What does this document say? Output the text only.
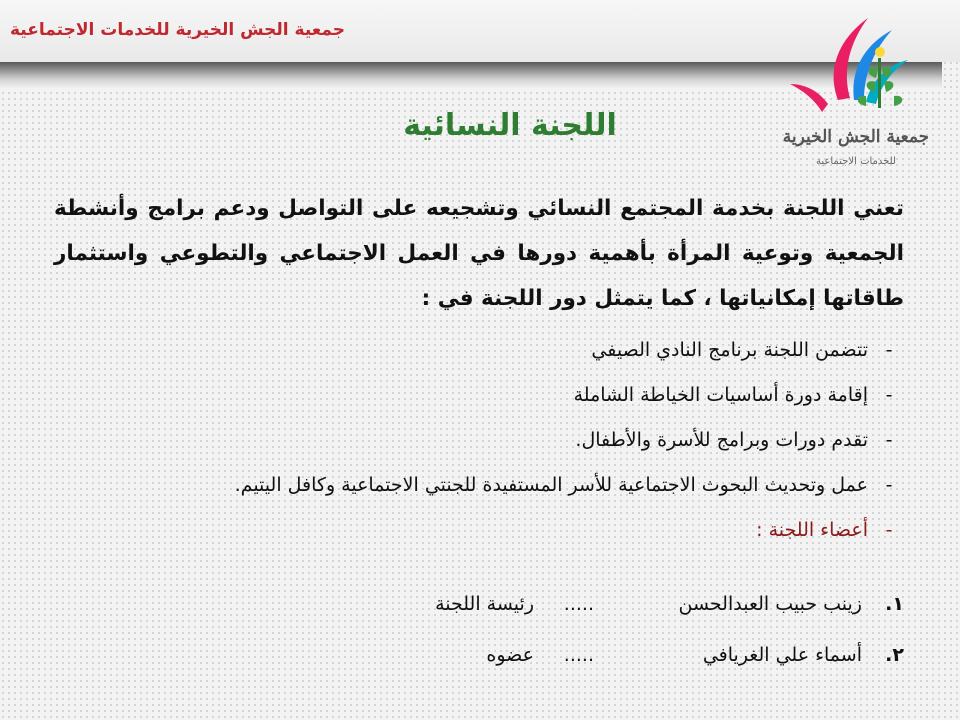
جمعية الجش الخيرية للخدمات الاجتماعية
جمعية الجش الخيرية
للخدمات الاجتماعية
اللجنة النسائية
تعني اللجنة بخدمة المجتمع النسائي وتشجيعه على التواصل ودعم برامج وأنشطة الجمعية وتوعية المرأة بأهمية دورها في العمل الاجتماعي والتطوعي واستثمار طاقاتها إمكانياتها ، كما يتمثل دور اللجنة في :
-
تتضمن اللجنة برنامج النادي الصيفي
-
إقامة دورة أساسيات الخياطة الشاملة
-
تقدم دورات وبرامج للأسرة والأطفال.
-
عمل وتحديث البحوث الاجتماعية للأسر المستفيدة للجنتي الاجتماعية وكافل اليتيم.
-
أعضاء اللجنة :
١.
زينب حبيب العبدالحسن
.....
رئيسة اللجنة
٢.
أسماء علي الغريافي
.....
عضوه
